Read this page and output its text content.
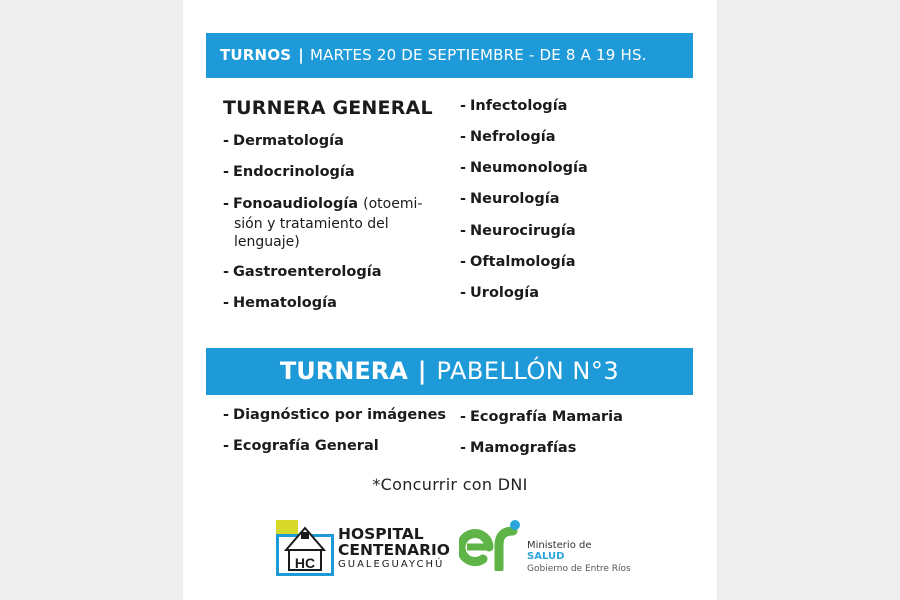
TURNOS | MARTES 20 DE SEPTIEMBRE - DE 8 A 19 HS.
TURNERA GENERAL
- Dermatología
- Endocrinología
- Fonoaudiología (otoemi-
sión y tratamiento del
lenguaje)
- Gastroenterología
- Hematología
- Infectología
- Nefrología
- Neumonología
- Neurología
- Neurocirugía
- Oftalmología
- Urología
TURNERA | PABELLÓN N°3
- Diagnóstico por imágenes
- Ecografía General
- Ecografía Mamaria
- Mamografías
*Concurrir con DNI
HC
HOSPITAL
CENTENARIO
GUALEGUAYCHÚ
Ministerio de
SALUD
Gobierno de Entre Ríos
